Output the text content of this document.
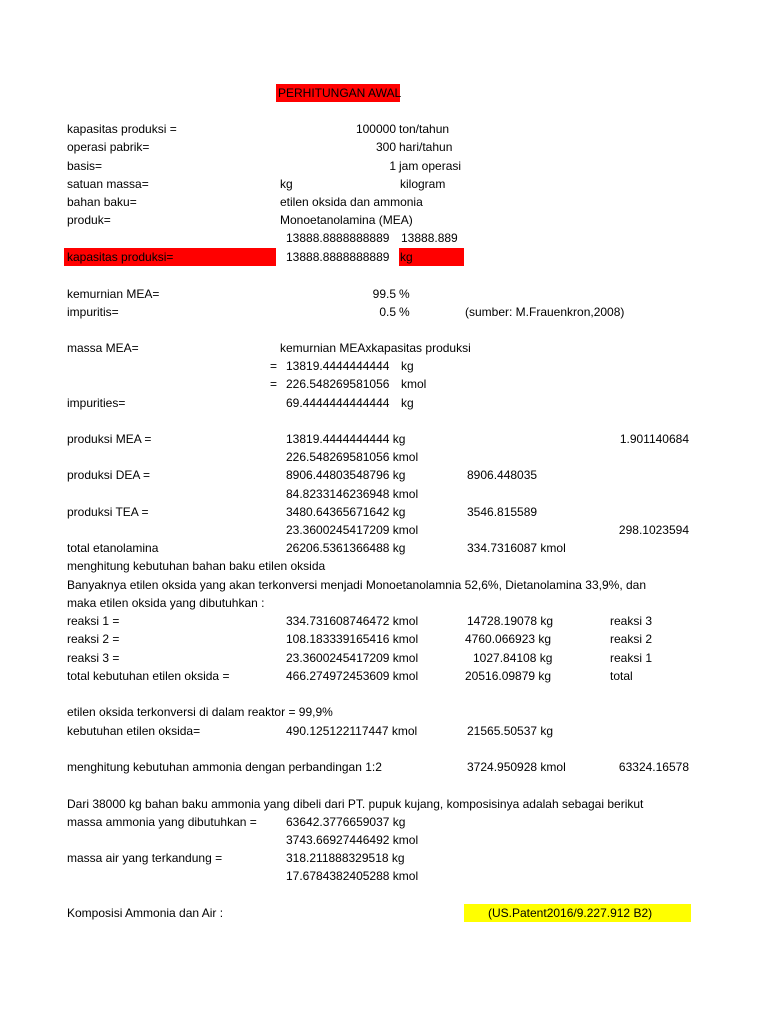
PERHITUNGAN AWAL
kapasitas produksi =	100000 ton/tahun
operasi pabrik=	300 hari/tahun
basis=	1 jam operasi
satuan massa=	kg	kilogram
bahan baku=	etilen oksida dan ammonia
produk=	Monoetanolamina (MEA)
13888.8888888889 13888.889
kapasitas produksi=	13888.8888888889 kg
kemurnian MEA=	99.5 %
impuritis=	0.5 %	(sumber: M.Frauenkron,2008)
massa MEA=	kemurnian MEAxkapasitas produksi
= 13819.4444444444 kg
= 226.548269581056 kmol
impurities=	69.4444444444444 kg
produksi MEA =	13819.4444444444 kg	1.901140684
226.548269581056 kmol
produksi DEA =	8906.44803548796 kg	8906.448035
84.8233146236948 kmol
produksi TEA =	3480.64365671642 kg	3546.815589
23.3600245417209 kmol	298.1023594
total etanolamina	26206.5361366488 kg	334.7316087 kmol
menghitung kebutuhan bahan baku etilen oksida
Banyaknya etilen oksida yang akan terkonversi menjadi Monoetanolamnia 52,6%, Dietanolamina 33,9%, dan
maka etilen oksida yang dibutuhkan :
reaksi 1 =	334.731608746472 kmol	14728.19078 kg	reaksi 3
reaksi 2 =	108.183339165416 kmol	4760.066923 kg	reaksi 2
reaksi 3 =	23.3600245417209 kmol	1027.84108 kg	reaksi 1
total kebutuhan etilen oksida =	466.274972453609 kmol	20516.09879 kg	total
etilen oksida terkonversi di dalam reaktor = 99,9%
kebutuhan etilen oksida=	490.125122117447 kmol	21565.50537 kg
menghitung kebutuhan ammonia dengan perbandingan 1:2	3724.950928 kmol	63324.16578
Dari 38000 kg bahan baku ammonia yang dibeli dari PT. pupuk kujang, komposisinya adalah sebagai berikut
massa ammonia yang dibutuhkan = 63642.3776659037 kg
3743.66927446492 kmol
massa air yang terkandung =	318.211888329518 kg
17.6784382405288 kmol
Komposisi Ammonia dan Air :	(US.Patent2016/9.227.912 B2)
